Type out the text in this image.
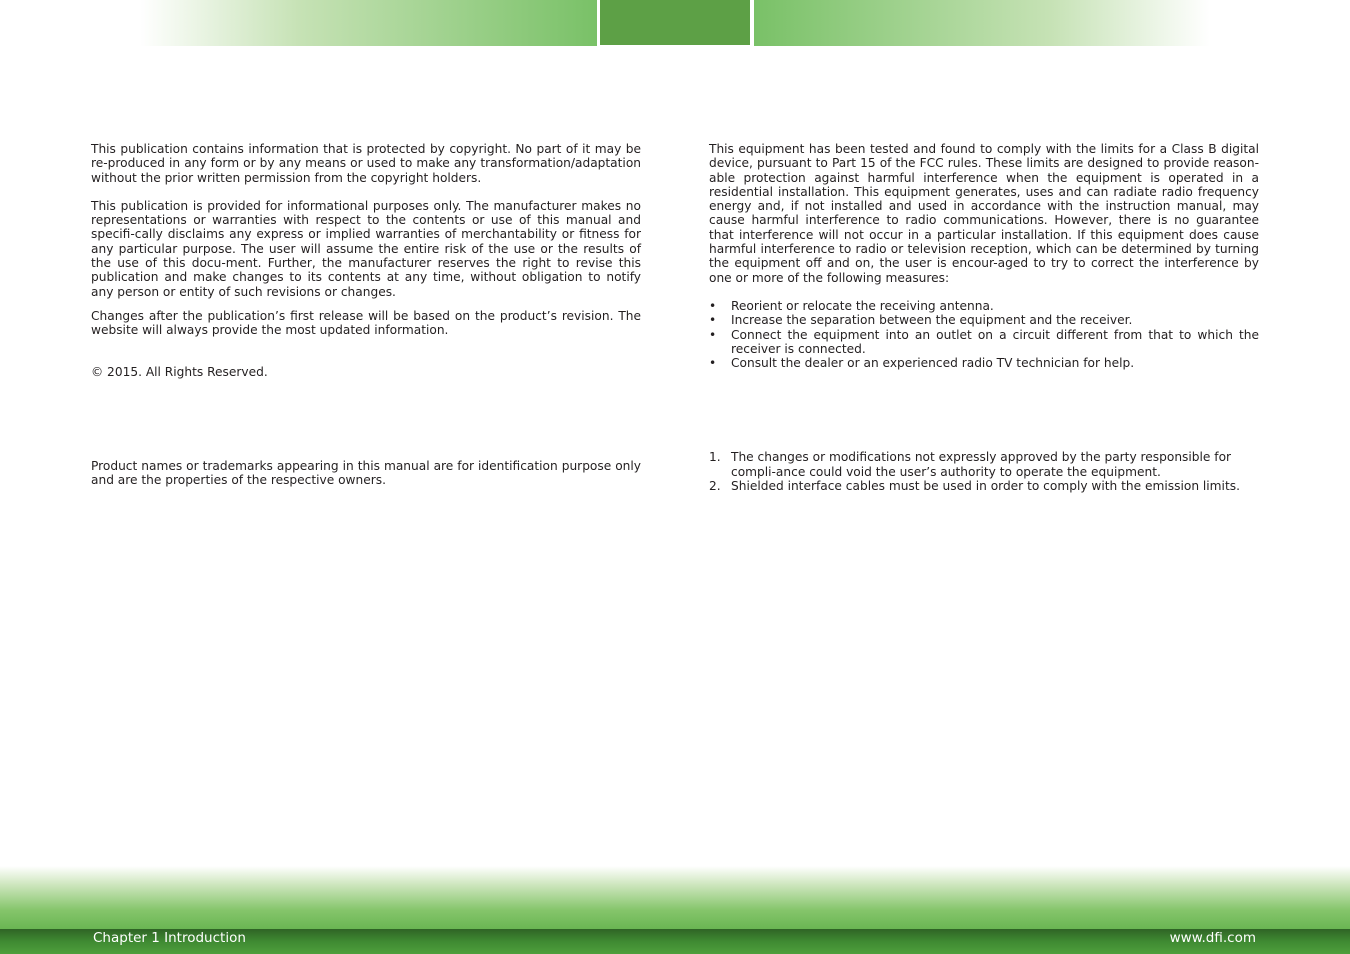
This publication contains information that is protected by copyright. No part of it may be re-produced in any form or by any means or used to make any transformation/adaptation without the prior written permission from the copyright holders.

This publication is provided for informational purposes only. The manufacturer makes no representations or warranties with respect to the contents or use of this manual and specifi-cally disclaims any express or implied warranties of merchantability or fitness for any particular purpose. The user will assume the entire risk of the use or the results of the use of this docu-ment. Further, the manufacturer reserves the right to revise this publication and make changes to its contents at any time, without obligation to notify any person or entity of such revisions or changes.

Changes after the publication’s first release will be based on the product’s revision. The website will always provide the most updated information.

© 2015. All Rights Reserved.

Product names or trademarks appearing in this manual are for identification purpose only and are the properties of the respective owners.

This equipment has been tested and found to comply with the limits for a Class B digital device, pursuant to Part 15 of the FCC rules. These limits are designed to provide reason-able protection against harmful interference when the equipment is operated in a residential installation. This equipment generates, uses and can radiate radio frequency energy and, if not installed and used in accordance with the instruction manual, may cause harmful interference to radio communications. However, there is no guarantee that interference will not occur in a particular installation. If this equipment does cause harmful interference to radio or television reception, which can be determined by turning the equipment off and on, the user is encour-aged to try to correct the interference by one or more of the following measures:

• Reorient or relocate the receiving antenna.
• Increase the separation between the equipment and the receiver.
• Connect the equipment into an outlet on a circuit different from that to which the receiver is connected.
• Consult the dealer or an experienced radio TV technician for help.
1. The changes or modifications not expressly approved by the party responsible for compli-ance could void the user’s authority to operate the equipment.
2. Shielded interface cables must be used in order to comply with the emission limits.
Chapter 1 Introduction	www.dfi.com
